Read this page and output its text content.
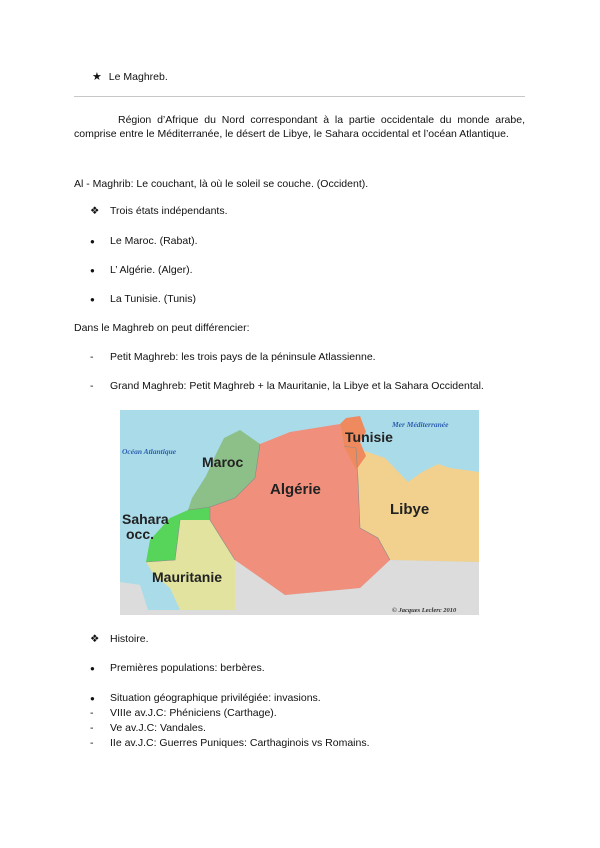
★ Le Maghreb.
Région d’Afrique du Nord correspondant à la partie occidentale du monde arabe, comprise entre le Méditerranée, le désert de Libye, le Sahara occidental et l’océan Atlantique.
Al - Maghrib: Le couchant, là où le soleil se couche. (Occident).
❖ Trois états indépendants.
● Le Maroc. (Rabat).
● L’ Algérie. (Alger).
● La Tunisie. (Tunis)
Dans le Maghreb on peut différencier:
- Petit Maghreb: les trois pays de la péninsule Atlassienne.
- Grand Maghreb: Petit Maghreb + la Mauritanie, la Libye et la Sahara Occidental.
Océan Atlantique
Mer Méditerranée
Maroc
Tunisie
Algérie
Libye
Sahara
occ.
Mauritanie
© Jacques Leclerc 2010
❖ Histoire.
● Premières populations: berbères.
● Situation géographique privilégiée: invasions.
- VIIIe av.J.C: Phéniciens (Carthage).
- Ve av.J.C: Vandales.
- IIe av.J.C: Guerres Puniques: Carthaginois vs Romains.
